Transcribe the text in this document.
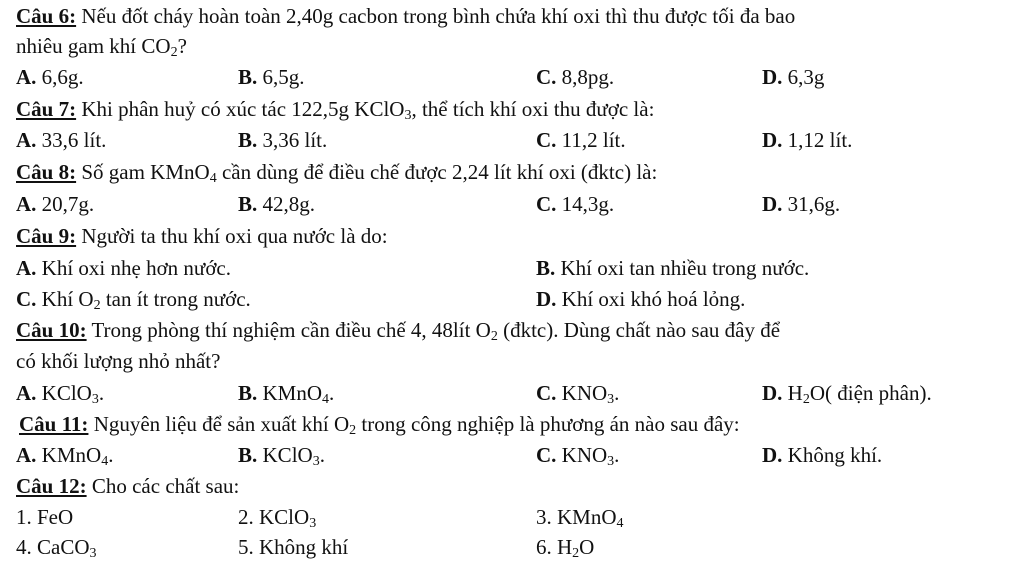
Câu 6: Nếu đốt cháy hoàn toàn 2,40g cacbon trong bình chứa khí oxi thì thu được tối đa bao
nhiêu gam khí $CO_2$?
A. 6,6g.	B. 6,5g.	C. 8,8pg.	D. 6,3g
Câu 7: Khi phân huỷ có xúc tác 122,5g KClO$_3$, thể tích khí oxi thu được là:
A. 33,6 lít.	B. 3,36 lít.	C. 11,2 lít.	D. 1,12 lít.
Câu 8: Số gam KMnO$_4$ cần dùng để điều chế được 2,24 lít khí oxi (đktc) là:
A. 20,7g.	B. 42,8g.	C. 14,3g.	D. 31,6g.
Câu 9: Người ta thu khí oxi qua nước là do:
A. Khí oxi nhẹ hơn nước.	B. Khí oxi tan nhiều trong nước.
C. Khí $O_2$ tan ít trong nước.	D. Khí oxi khó hoá lỏng.
Câu 10: Trong phòng thí nghiệm cần điều chế 4, 48lít $O_2$ (đktc). Dùng chất nào sau đây để
có khối lượng nhỏ nhất?
A. KClO$_3$.	B. KMnO$_4$.	C. $KNO_3$.	D. $H_2O$( điện phân).
Câu 11: Nguyên liệu để sản xuất khí $O_2$ trong công nghiệp là phương án nào sau đây:
A. KMnO$_4$.	B. KClO$_3$.	C. $KNO_3$.	D. Không khí.
Câu 12: Cho các chất sau:
1. FeO	2. KClO$_3$	3. KMnO$_4$
4. CaCO$_3$	5. Không khí	6. $H_2O$
